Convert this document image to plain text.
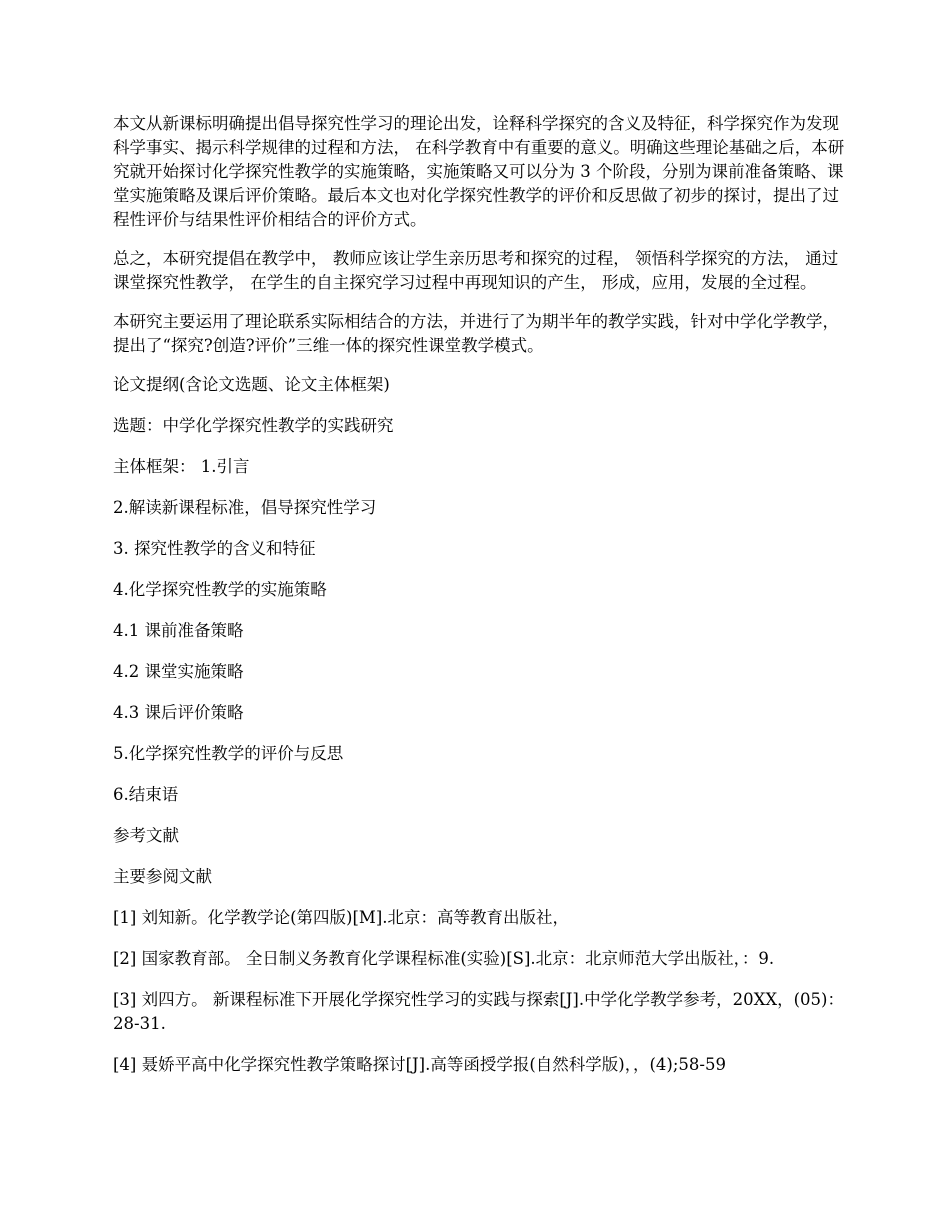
本文从新课标明确提出倡导探究性学习的理论出发，诠释科学探究的含义及特征，科学探究作为发现科学事实、揭示科学规律的过程和方法， 在科学教育中有重要的意义。明确这些理论基础之后，本研究就开始探讨化学探究性教学的实施策略，实施策略又可以分为 3 个阶段，分别为课前准备策略、课堂实施策略及课后评价策略。最后本文也对化学探究性教学的评价和反思做了初步的探讨，提出了过程性评价与结果性评价相结合的评价方式。

总之，本研究提倡在教学中， 教师应该让学生亲历思考和探究的过程， 领悟科学探究的方法， 通过课堂探究性教学， 在学生的自主探究学习过程中再现知识的产生， 形成，应用，发展的全过程。

本研究主要运用了理论联系实际相结合的方法，并进行了为期半年的教学实践，针对中学化学教学，提出了“探究?创造?评价”三维一体的探究性课堂教学模式。

论文提纲(含论文选题、论文主体框架)

选题：中学化学探究性教学的实践研究

主体框架： 1.引言

2.解读新课程标准，倡导探究性学习

3. 探究性教学的含义和特征

4.化学探究性教学的实施策略

4.1 课前准备策略

4.2 课堂实施策略

4.3 课后评价策略

5.化学探究性教学的评价与反思

6.结束语

参考文献

主要参阅文献

[1] 刘知新。化学教学论(第四版)[M].北京：高等教育出版社，

[2] 国家教育部。 全日制义务教育化学课程标准(实验)[S].北京：北京师范大学出版社，：9.

[3] 刘四方。 新课程标准下开展化学探究性学习的实践与探索[J].中学化学教学参考，20XX，(05)：28-31.

[4] 聂娇平高中化学探究性教学策略探讨[J].高等函授学报(自然科学版)，，(4);58-59
